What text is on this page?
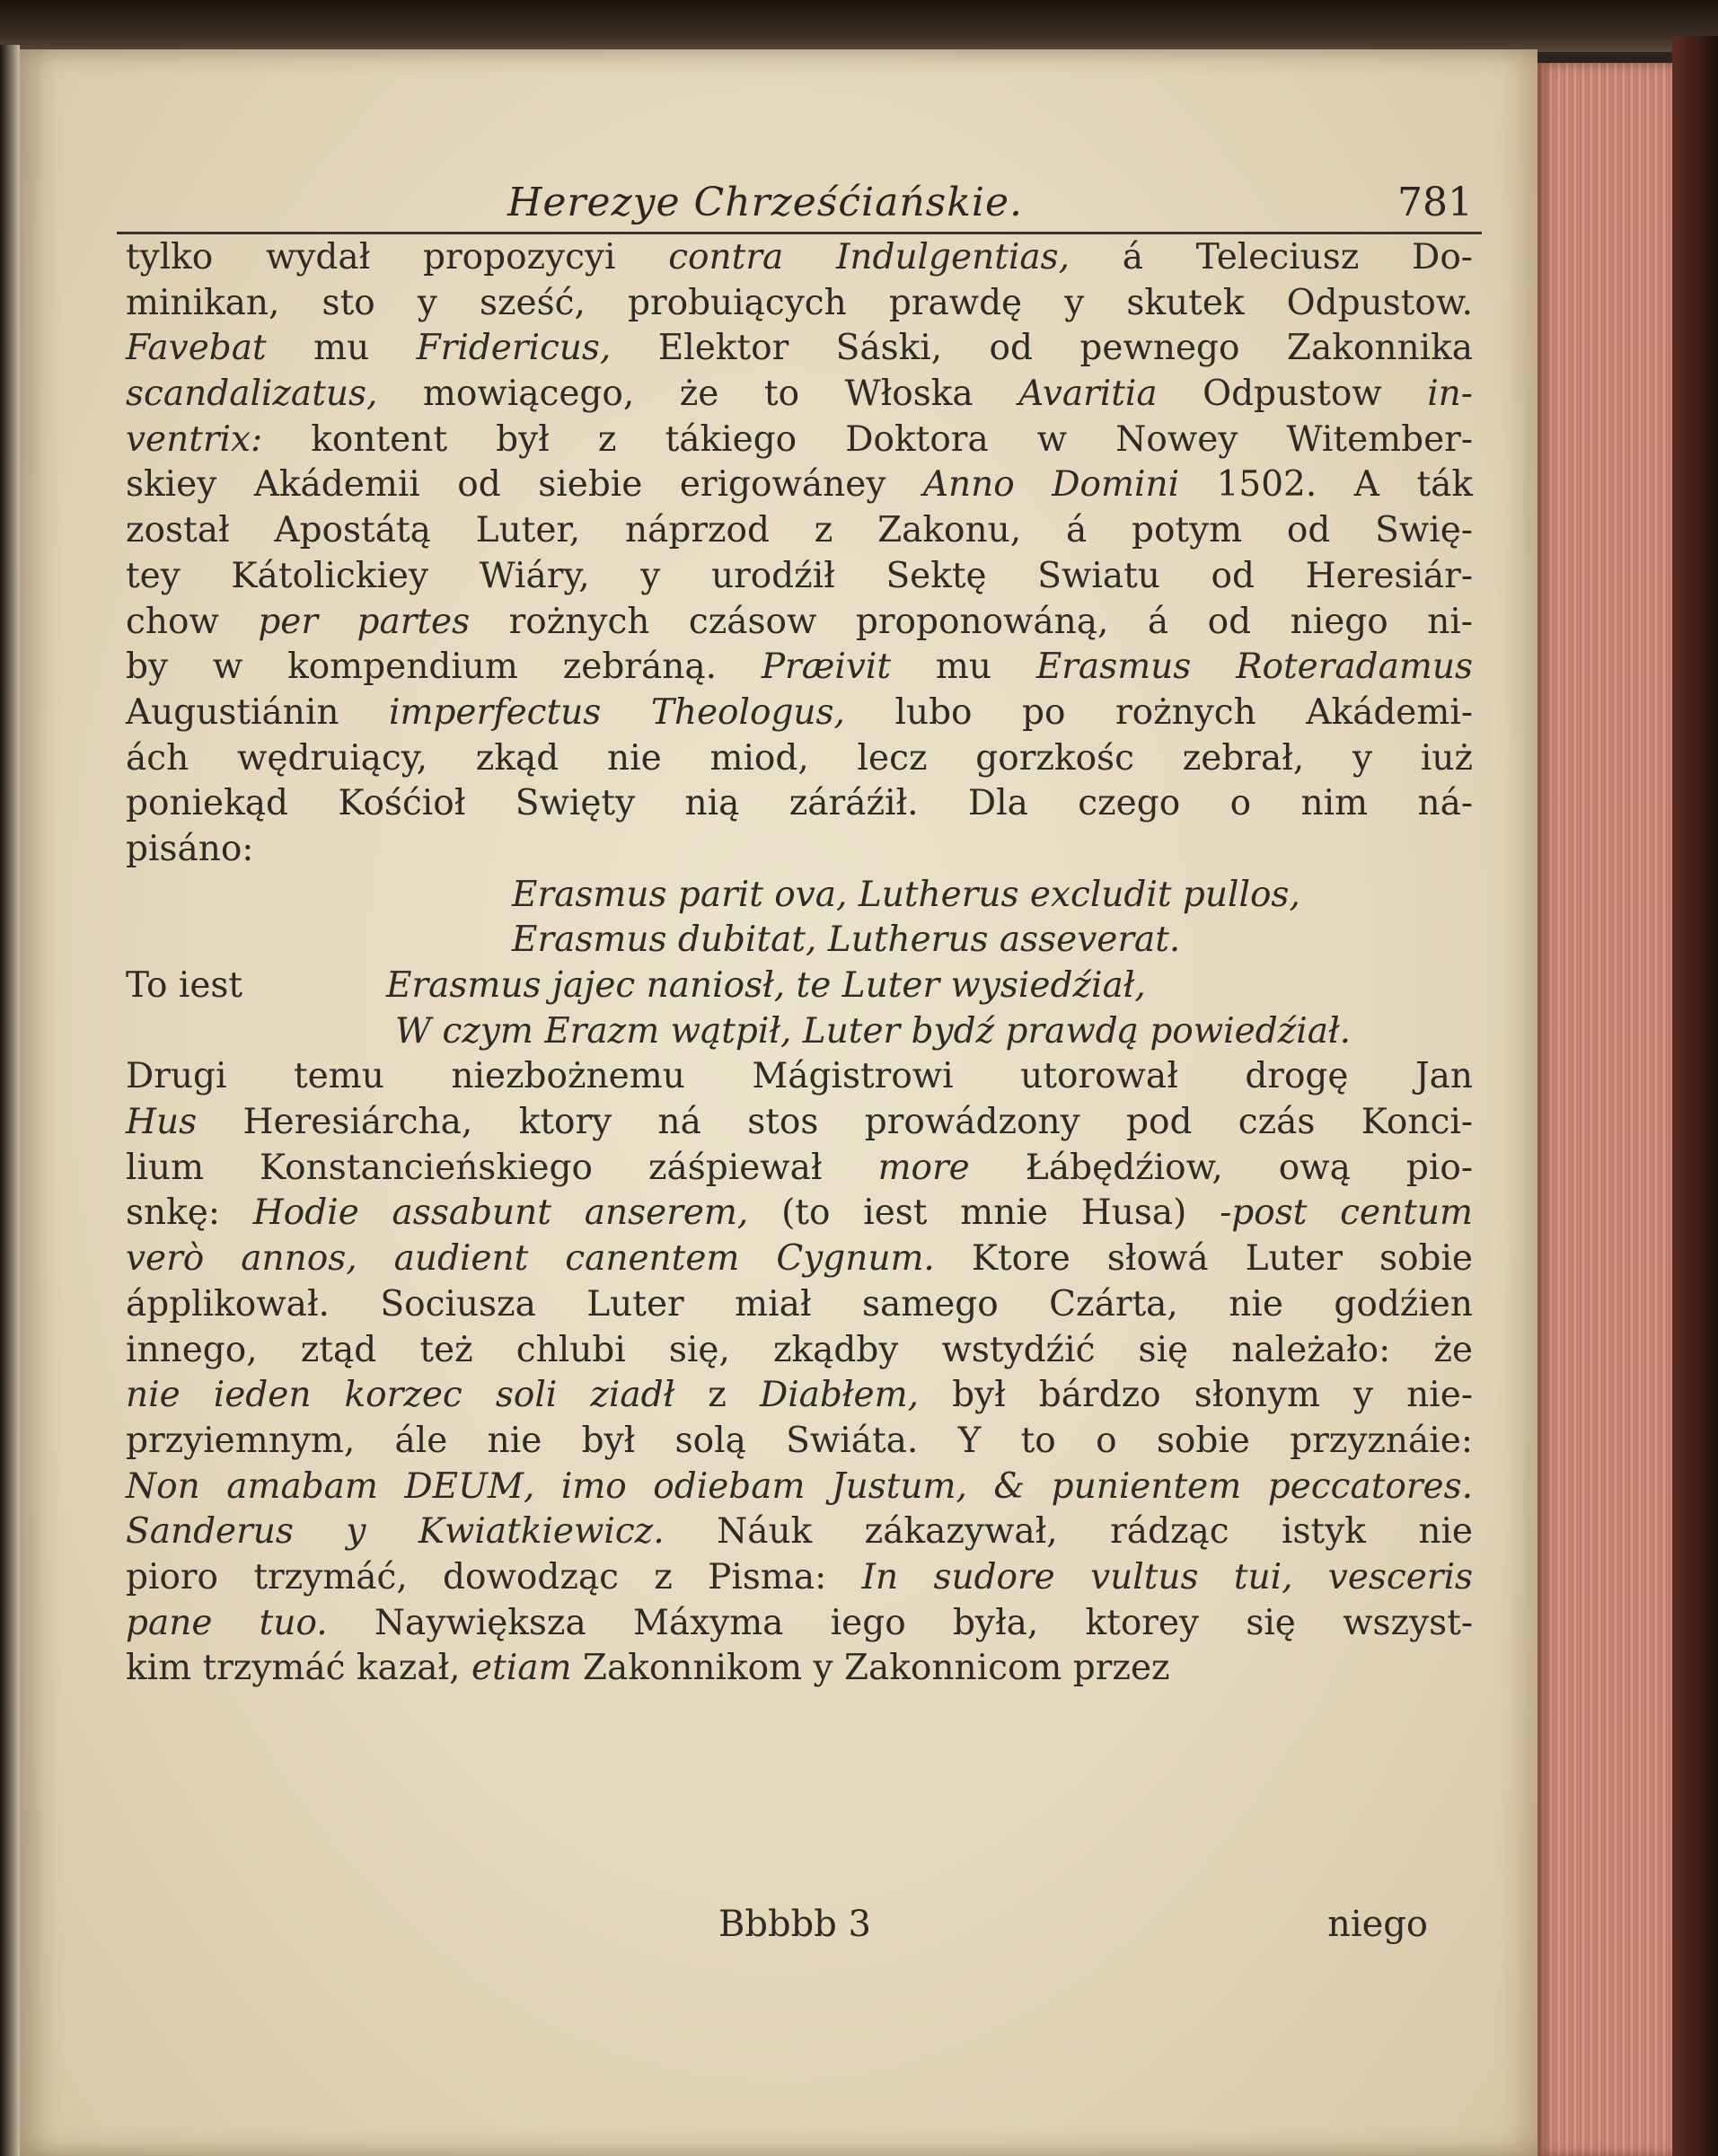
Herezye Chrześćiańskie.	781
tylko wydał propozycyi contra Indulgentias, á Teleciusz Do-
minikan, sto y sześć, probuiących prawdę y skutek Odpustow.
Favebat mu Fridericus, Elektor Sáski, od pewnego Zakonnika
scandalizatus, mowiącego, że to Włoska Avaritia Odpustow in-
ventrix: kontent był z tákiego Doktora w Nowey Witember-
skiey Akádemii od siebie erigowáney Anno Domini 1502. A ták
został Apostátą Luter, náprzod z Zakonu, á potym od Swię-
tey Kátolickiey Wiáry, y urodźił Sektę Swiatu od Heresiár-
chow per partes rożnych czásow proponowáną, á od niego ni-
by w kompendium zebráną. Præivit mu Erasmus Roteradamus
Augustiánin imperfectus Theologus, lubo po rożnych Akádemi-
ách wędruiący, zkąd nie miod, lecz gorzkośc zebrał, y iuż
poniekąd Kośćioł Swięty nią záráźił. Dla czego o nim ná-
pisáno:
Erasmus parit ova, Lutherus excludit pullos,
Erasmus dubitat, Lutherus asseverat.
To iest	Erasmus jajec naniosł, te Luter wysiedźiał,
W czym Erazm wątpił, Luter bydź prawdą powiedźiał.
Drugi temu niezbożnemu Mágistrowi utorował drogę Jan
Hus Heresiárcha, ktory ná stos prowádzony pod czás Konci-
lium Konstancieńskiego záśpiewał more Łábędźiow, ową pio-
snkę: Hodie assabunt anserem, (to iest mnie Husa) -post centum
verò annos, audient canentem Cygnum. Ktore słowá Luter sobie
ápplikował. Sociusza Luter miał samego Czárta, nie godźien
innego, ztąd też chlubi się, zkądby wstydźić się należało: że
nie ieden korzec soli ziadł z Diabłem, był bárdzo słonym y nie-
przyiemnym, ále nie był solą Swiáta. Y to o sobie przyznáie:
Non amabam DEUM, imo odiebam Justum, & punientem peccatores.
Sanderus y Kwiatkiewicz. Náuk zákazywał, rádząc istyk nie
pioro trzymáć, dowodząc z Pisma: In sudore vultus tui, vesceris
pane tuo. Naywiększa Máxyma iego była, ktorey się wszyst-
kim trzymáć kazał, etiam Zakonnikom y Zakonnicom przez
Bbbbb 3	niego
